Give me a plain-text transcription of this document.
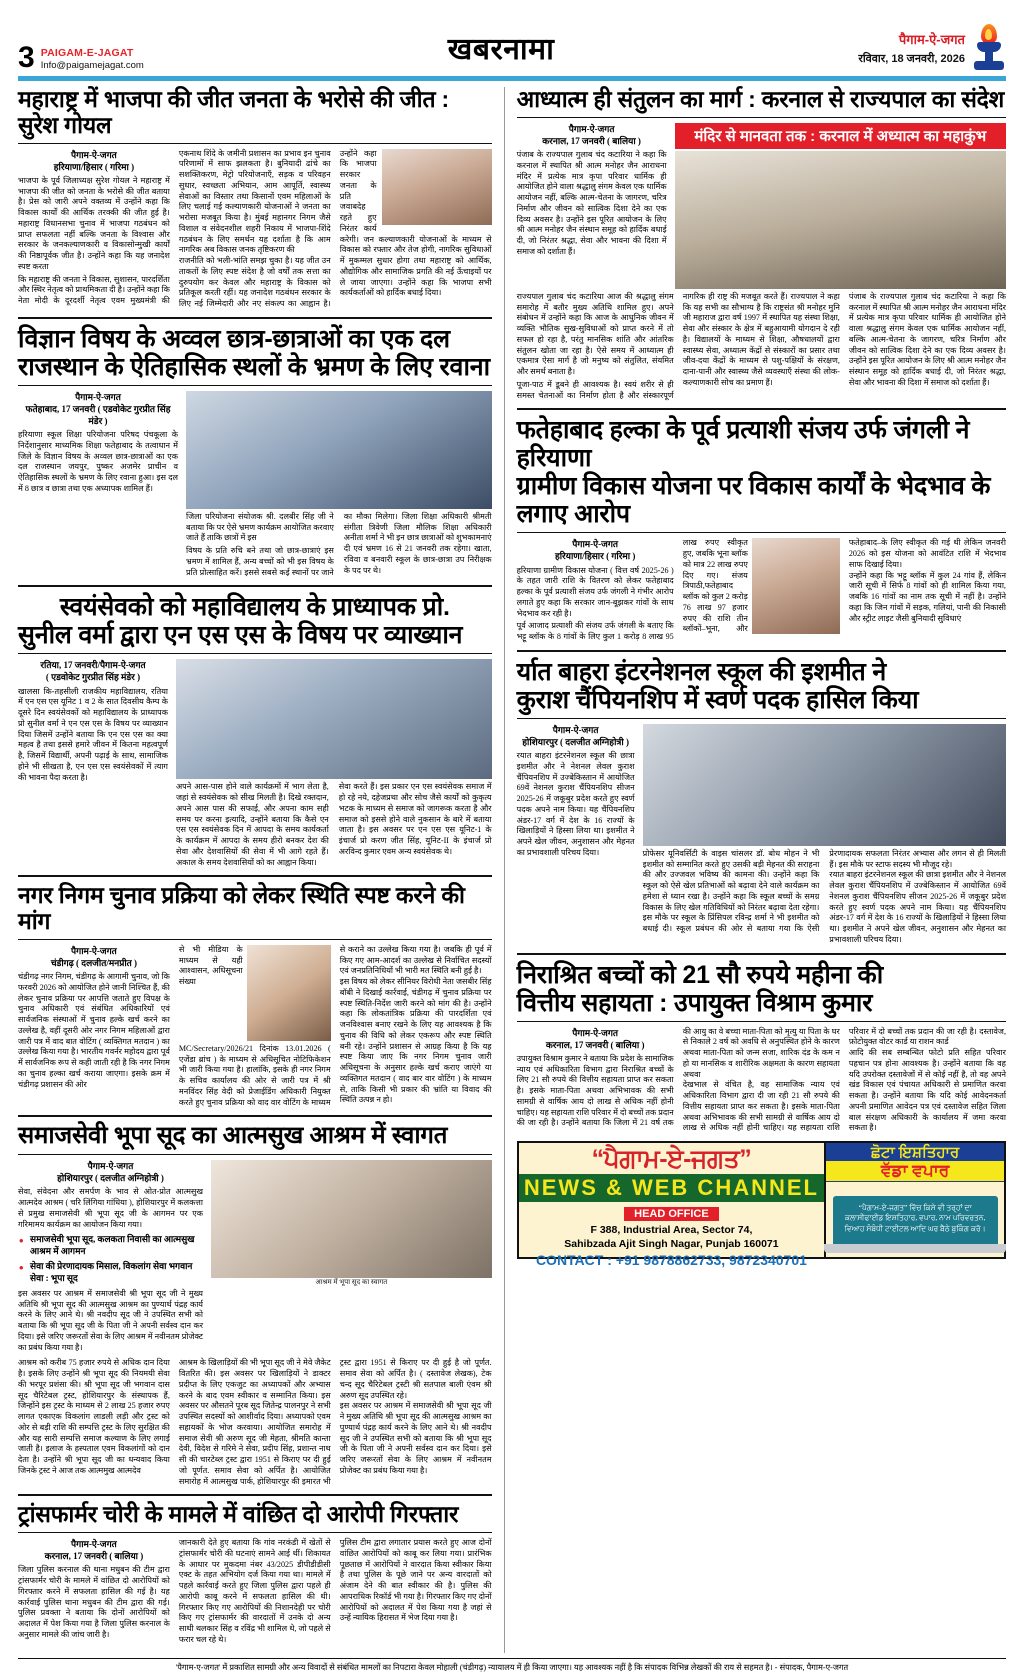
3 PAIGAM-E-JAGAT
Info@paigamejagat.com	खबरनामा	पैगाम-ऐ-जगत
रविवार, 18 जनवरी, 2026
महाराष्ट्र में भाजपा की जीत जनता के भरोसे की जीत : सुरेश गोयल
पैगाम-ऐ-जगत
हरियाणा/हिसार ( गरिमा )

भाजपा के पूर्व जिलाध्यक्ष सुरेश गोयल ने महाराष्ट्र में भाजपा की जीत को जनता के भरोसे की जीत बताया है। प्रेस को जारी अपने वक्तव्य में उन्होंने कहा कि विकास कार्यों की आर्थिक तरक्की की जीत हुई है। महाराष्ट्र विधानसभा चुनाव में भाजपा गठबंधन को प्राप्त सफलता नहीं बल्कि जनता के विश्वास और सरकार के जनकल्याणकारी व विकासोन्मुखी कार्यों की निष्ठापूर्वक जीत है। उन्होंने कहा कि यह जनादेश स्पष्ट करता

कि महाराष्ट्र की जनता ने विकास, सुशासन, पारदर्शिता और स्थिर नेतृत्व को प्राथमिकता दी है। उन्होंने कहा कि नेता मोदी के दूरदर्शी नेतृत्व एवम मुख्यमंत्री की एकनाथ शिंदे के जमीनी प्रशासन का प्रभाव इन चुनाव परिणामों में साफ झलकता है। बुनियादी ढांचे का सशक्तिकरण, मेट्रो परियोजनाएँ, सड़क व परिवहन सुधार, स्वच्छता अभियान, आम आपूर्ति, स्वास्थ्य सेवाओं का विस्तार तथा किसानों एवम महिलाओं के लिए चलाई गई कल्याणकारी योजनाओं ने जनता का भरोसा मजबूत किया है। मुंबई महानगर निगम जैसे विशाल व संवेदनशील शहरी निकाय में भाजपा-शिंदे गठबंधन के लिए समर्थन यह दर्शाता है कि आम नागरिक अब विकास जनक तृष्टिकरण की

राजनीति को भली-भांति समझ चुका है। यह जीत उन ताकतों के लिए स्पष्ट संदेश है जो वर्षों तक सत्ता का दुरुपयोग कर केवल और महाराष्ट्र के विकास को प्रतिकूल करती रहीं। यह जनादेश गठबंधन सरकार के लिए नई जिम्मेदारी और नए संकल्प का आह्वान है। उन्होंने कहा कि भाजपा सरकार जनता के प्रति जवाबदेह रहते हुए निरंतर कार्य करेगी। जन कल्याणकारी योजनाओं के माध्यम से विकास को रफ्तार और तेज होगी, नागरिक सुविधाओं में मुकम्मल सुधार होगा तथा महाराष्ट्र को आर्थिक, औद्योगिक और सामाजिक प्रगति की नई ऊँचाइयों पर ले जाया जाएगा। उन्होंने कहा कि भाजपा सभी कार्यकर्ताओं को हार्दिक बधाई दिया।

विज्ञान विषय के अव्वल छात्र-छात्राओं का एक दल
राजस्थान के ऐतिहासिक स्थलों के भ्रमण के लिए रवाना
पैगाम-ऐ-जगत
फतेहाबाद, 17 जनवरी ( एडवोकेट गुरप्रीत सिंह मंडेर )

हरियाणा स्कूल शिक्षा परियोजना परिषद पंचकूला के निर्देशानुसार माध्यमिक शिक्षा फतेहाबाद के तत्वाधान में जिले के विज्ञान विषय के अव्वल छात्र-छात्राओं का एक दल राजस्थान जयपुर, पुष्कर अजमेर प्राचीन व ऐतिहासिक स्थलों के भ्रमण के लिए रवाना हुआ। इस दल में 8 छात्र व छात्रा तथा एक अध्यापक शामिल हैं।

जिला परियोजना संयोजक श्री. दलबीर सिंह जी ने बताया कि पर ऐसे भ्रमण कार्यक्रम आयोजित करवाए जाते हैं ताकि छात्रों में इस

विषय के प्रति रुचि बने तथा जो छात्र-छात्राएं इस भ्रमण में शामिल हैं, अन्य बच्चों को भी इस विषय के प्रति प्रोत्साहित करें। इससे सबसे कई स्थानों पर जाने का मौका मिलेगा। जिला शिक्षा अधिकारी श्रीमती संगीता त्रिवेणी जिला मौलिक शिक्षा अधिकारी अनीता शर्मा ने भी इन छात्र छात्राओं को शुभकामनाएं दी एवं भ्रमण 16 से 21 जनवरी तक रहेगा। खाता, रविवा व बनवारी स्कूल के छात्र-छात्रा उप निरीक्षक के पद पर थे।

स्वयंसेवको को महाविद्यालय के प्राध्यापक प्रो.
सुनील वर्मा द्वारा एन एस एस के विषय पर व्याख्यान
रतिया, 17 जनवरी/पैगाम-ऐ-जगत
( एडवोकेट गुरप्रीत सिंह मंडेर )

खालसा कि-तहसीली राजकीय महाविद्यालय, रतिया में एन एस एस यूनिट 1 व 2 के सात दिवसीय कैम्प के दूसरे दिन स्वयंसेवकों को महाविद्यालय के प्राध्यापक प्रो सुनील वर्मा ने एन एस एस के विषय पर व्याख्यान दिया जिसमें उन्होंने बताया कि एन एस एस का क्या महत्व है तथा इससे हमारे जीवन में कितना महत्वपूर्ण है, जिसमें विद्यार्थी, अपनी पढ़ाई के साथ, सामाजिक होने भी सीखता है, एन एस एस स्वयंसेवकों में त्याग की भावना पैदा करता है।

अपने आस-पास होने वाले कार्यक्रमों में भाग लेता है, जहां से स्वयंसेवक को सीख मिलती है। दिखे रक्तदान, अपने आस पास की सफाई, और अपना काम सही समय पर करना इत्यादि, उन्होंने बताया कि कैसे एन एस एस स्वयंसेवक दिन में आपदा के समय कार्यकर्ता के कार्यक्रम में आपदा के समय हीरो बनकर देश की सेवा और देशवासियों की सेवा में भी आगे रहते हैं। अकाल के समय देशवासियों को का आह्वान किया।

सेवा करते हैं। इस प्रकार एन एस स्वयंसेवक समाज में हो रहे नये, दहेजप्रथा और सोच जैसे कार्यों को कुकृत्य भटक के माध्यम से समाज को जागरूक करता है और समाज को इससे होने वाले नुकसान के बारे में बताया जाता है। इस अवसर पर एन एस एस यूनिट-1 के इंचार्ज प्रो करण जीत सिंह, यूनिट-II के इंचार्ज प्रो अरविन्द कुमार एवम अन्य स्वयंसेवक थे।

नगर निगम चुनाव प्रक्रिया को लेकर स्थिति स्पष्ट करने की मांग
पैगाम-ऐ-जगत
चंडीगढ़ ( दलजीत/मनप्रीत )

चंडीगढ़ नगर निगम, चंडीगढ़ के आगामी चुनाव, जो कि फरवरी 2026 को आयोजित होने जानी निश्चित हैं, की लेकर चुनाव प्रक्रिया पर आपत्ति जताते हुए विपक्ष के चुनाव अधिकारी एवं संबंधित अधिकारियों एवं सार्वजनिक संस्थाओं में चुनाव हल्के खर्च करने का उल्लेख है, वहीं दूसरी ओर नगर निगम महिलाओं द्वारा जारी पत्र में वाद बात वोटिंग ( व्यक्तिगत मतदान ) का उल्लेख किया गया है। भारतीय गवर्नर महोदय द्वारा पूर्व में सार्वजनिक रूप से कही जाती रही है कि नगर निगम का चुनाव हल्का खर्च कराया जाएगा। इसके क्रम में चंडीगढ़ प्रशासन की ओर

से भी मीडिया के माध्यम से यही आश्वासन, अधिसूचना संख्या MC/Secretary/2026/21 दिनांक 13.01.2026 ( एजेंडा ब्रांच ) के माध्यम से अधिसूचित नोटिफिकेशन भी जारी किया गया है। हालांकि, इसके ही नगर निगम के सचिव कार्यालय की ओर से जारी पत्र में श्री मनविंदर सिंह वेदी को प्रेजाईडिंग अधिकारी नियुक्त करते हुए चुनाव प्रक्रिया को वाद वार वोटिंग के माध्यम से कराने का उल्लेख किया गया है। जबकि ही पूर्व में किए गए आम-आदर्श का उल्लेख से निर्वाचित सदस्यों एवं जनप्रतिनिधियों भी भारी मत स्थिति बनी हुई है।

इस विषय को लेकर सीनियर विरोधी नेता जसबीर सिंह बॉबी ने दिखाई कार्रवाई, चंडीगढ़ में चुनाव प्रक्रिया पर स्पष्ट स्थिति-निर्देश जारी करने को मांग की है। उन्होंने कहा कि लोकतांत्रिक प्रक्रिया की पारदर्शिता एवं जनविश्वास बनाए रखने के लिए यह आवश्यक है कि चुनाव की विधि को लेकर एकरूप और स्पष्ट स्थिति बनी रहे। उन्होंने प्रशासन से आग्रह किया है कि यह स्पष्ट किया जाए कि नगर निगम चुनाव जारी अधिसूचना के अनुसार हल्के खर्च कराए जाएंगे या व्यक्तिगत मतदान ( वाद बार वार वोटिंग ) के माध्यम से, ताकि किसी भी प्रकार की भ्रांति या विवाद की स्थिति उत्पन्न न हो।

समाजसेवी भूपा सूद का आत्मसुख आश्रम में स्वागत
पैगाम-ऐ-जगत
होशियारपुर ( दलजीत अग्निहोत्री )

सेवा, संवेदना और समर्पण के भाव से ओत-प्रोत आत्मसुख आत्मदेव आश्रम ( चरि लिंगिया गांधिया ), होशियारपुर में कलकत्ता से प्रमुख समाजसेवी श्री भूपा सूद जी के आगमन पर एक गरिमामय कार्यक्रम का आयोजन किया गया।

• समाजसेवी भूपा सूद, कलकता निवासी का आत्मसुख आश्रम में आगमन
• सेवा की प्रेरणादायक मिसाल, विकलांग सेवा भगवान सेवा : भूपा सूद

इस अवसर पर आश्रम में समाजसेवी श्री भूपा सूद जी ने मुख्य अतिथि श्री भूपा सूद की आत्मसुख आश्रम का पुण्यार्थ पंद्रह कार्य करने के लिए आने थे। श्री नवदीप सूद जी ने उपस्थित सभी को बताया कि श्री भूपा सूद जी के पिता जी ने अपनी सर्वस्व दान कर दिया। इसे जरिए जरूरतों सेवा के लिए आश्रम में नवीनतम प्रोजेक्ट का प्रबंध किया गया है।

आश्रम में भूपा सूद का स्वागत

आश्रम को करीब 75 हजार रुपये से अधिक दान दिया है। इसके लिए उन्होंने श्री भूपा सूद की नियमयी सेवा की भरपूर प्रशंसा की। श्री भूपा सूद जी भगवान दास सूद चैरिटेबल ट्रस्ट, होशियारपुर के संस्थापक हैं, जिन्होंने इस ट्रस्ट के माध्यम से 2 लाख 25 हजार रुपए लागत एकाएक विकलांग लाडली लड़ी और ट्रस्ट को ओर से बड़ी राशि की सम्पत्ति ट्रस्ट के लिए सुरक्षित की और यह सारी सम्पत्ति समाज कल्याण के लिए लगाई जाती है। इलाज के हस्पताल एवम विकलांगों को दान देता है। उन्होंने श्री भूपा सूद जी का धन्यवाद किया जिनके ट्रस्ट ने आज तक आत्ममुख आत्मदेव

आश्रम के खिलाड़ियों की भी भूपा सूद जी ने मेवे जैकेट वितरित की। इस अवसर पर खिलाड़ियों ने डाक्टर प्रदीप्त के लिए एकजुट का अध्यापकों और अभ्यास करने के बाद एवम स्वीकार व सम्मानित किया। इस अवसर पर औसतने पूरब सूद जितेन्द्र पालनपुर ने सभी उपस्थित सदस्यों को आशीर्वाद दिया। अध्यापको एवम सहायकों के भोज करवाया। आयोजित समारोह में समाज सेवी श्री अरुण सूद जी मेहता, श्रीमति कान्ता देवी, विदेश से गरिमे ने सेवा, प्रदीप सिंह, प्रशान्त नाथ सी की चारटेब्ल ट्रस्ट द्वारा 1951 से किराए पर दी हुई जो पूर्णत. समाव सेवा को अर्पित है। आयोजित समारोह में आत्मसुख पार्क, होशियारपुर की इमारत भी ट्रस्ट द्वारा 1951 से किराए पर दी हुई है जो पूर्णत. समाव सेवा को अर्पित है। ( दस्तावेज लेखक), टेक चन्द सूद चैरिटेबल ट्रस्टी श्री सतपाल बाली एंवम श्री अरुण सूद उपस्थित रहे।

इस अवसर पर आश्रम में समाजसेवी श्री भूपा सूद जी ने मुख्य अतिथि श्री भूपा सूद की आत्मसुख आश्रम का पुण्यार्थ पंद्रह कार्य करने के लिए आने थे। श्री नवदीप सूद जी ने उपस्थित सभी को बताया कि श्री भूपा सूद जी के पिता जी ने अपनी सर्वस्व दान कर दिया। इसे जरिए जरूरतों सेवा के लिए आश्रम में नवीनतम प्रोजेक्ट का प्रबंध किया गया है।

ट्रांसफार्मर चोरी के मामले में वांछित दो आरोपी गिरफ्तार
पैगाम-ऐ-जगत
करनाल, 17 जनवरी ( बालिया )

जिला पुलिस करनाल की थाना मधुबन की टीम द्वारा ट्रांसफार्मर चोरी के मामले में वांछित दो आरोपियों को गिरफ्तार करने में सफलता हासिल की गई है। यह कार्रवाई पुलिस थाना मधुबन की टीम द्वारा की गई। पुलिस प्रवक्ता ने बताया कि दोनों आरोपियों को अदालत में पेश किया गया है जिला पुलिस करनाल के अनुसार मामले की जांच जारी है।

जानकारी देते हुए बताया कि गांव नरकंडी में खेतों से ट्रांसफार्मर चोरी की घटनाएं सामने आई थीं। शिकायत के आधार पर मुकदमा नंबर 43/2025 डीपीडीडीसी एक्ट के तहत अभियोग दर्ज किया गया था। मामले में पहले कार्रवाई करते हुए जिला पुलिस द्वारा पहले ही आरोपी काबू करने में सफलता हासिल की थी। गिरफ्तार किए गए आरोपियों की निशानदेही पर चोरी किए गए ट्रांसफार्मर की वारदातों में उनके दो अन्य साथी थलकार सिंह व रविंद्र भी शामिल थे, जो पहले से फरार चल रहे थे।

पुलिस टीम द्वारा लगातार प्रयास करते हुए आज दोनों वांछित आरोपियों को काबू कर लिया गया। प्रारंभिक पूछताछ में आरोपियों ने वारदात किया स्वीकार किया है तथा पुलिस के पूछे जाने पर अन्य वारदातों को अंजाम देने की बात स्वीकार की है। पुलिस की आपराधिक रिकॉर्ड भी गया है। गिरफ्तार किए गए दोनों आरोपियों को अदालत में पेश किया गया है जहां से उन्हें न्यायिक हिरासत में भेज दिया गया है।

आध्यात्म ही संतुलन का मार्ग : करनाल से राज्यपाल का संदेश
पैगाम-ऐ-जगत
करनाल, 17 जनवरी ( बालिया )

पंजाब के राज्यपाल गुलाब चंद कटारिया ने कहा कि करनाल में स्थापित श्री आत्म मनोहर जैन आराधना मंदिर में प्रत्येक मात्र कृपा परिवार धार्मिक ही आयोजित होने वाला श्रद्धालु संगम केवल एक धार्मिक आयोजन नहीं, बल्कि आत्म-चेतना के जागरण, चरित्र निर्माण और जीवन को सात्विक दिशा देने का एक दिव्य अवसर है। उन्होंने इस पूरित आयोजन के लिए श्री आत्म मनोहर जैन संस्थान समूह को हार्दिक बधाई दी, जो निरंतर श्रद्धा, सेवा और भावना की दिशा में समाज को दर्शाता हैं।

मंदिर से मानवता तक : करनाल में अध्यात्म का महाकुंभ

राज्यपाल गुलाब चंद कटारिया आज की श्रद्धालु संगम समारोह में बतौर मुख्य अतिथि शामिल हुए। अपने संबोधन में उन्होंने कहा कि आज के आधुनिक जीवन में व्यक्ति भौतिक सुख-सुविधाओं को प्राप्त करने में तो सफल हो रहा है, परंतु मानसिक शांति और आंतरिक संतुलन खोता जा रहा है। ऐसे समय में आध्यात्म ही एकमात्र ऐसा मार्ग है जो मनुष्य को संतुलित, संयमित और समर्थ बनाता है।

पूजा-पाठ में डूबने ही आवश्यक है। स्वयं शरीर से ही समस्त चेतनाओं का निर्माण होता है और संस्कारपूर्ण नागरिक ही राष्ट्र की मजबूत करते हैं। राज्यपाल ने कहा कि यह सभी का सौभाग्य है कि राष्ट्रसंत श्री मनोहर मुनि जी महाराज द्वारा वर्ष 1997 में स्थापित यह संस्था शिक्षा, सेवा और संस्कार के क्षेत्र में बहुआयामी योगदान दे रही है। विद्यालयों के माध्यम से शिक्षा, औषधालयों द्वारा स्वास्थ्य सेवा, अध्यात्म केंद्रों से संस्कारों का प्रसार तथा जीव-दया केंद्रों के माध्यम से पशु-पक्षियों के संरक्षण, दाना-पानी और स्वास्थ्य जैसे व्यवस्थाएँ संस्था की लोक-कल्याणकारी सोच का प्रमाण हैं।

पंजाब के राज्यपाल गुलाब चंद कटारिया ने कहा कि करनाल में स्थापित श्री आत्म मनोहर जैन आराधना मंदिर में प्रत्येक मात्र कृपा परिवार धार्मिक ही आयोजित होने वाला श्रद्धालु संगम केवल एक धार्मिक आयोजन नहीं, बल्कि आत्म-चेतना के जागरण, चरित्र निर्माण और जीवन को सात्विक दिशा देने का एक दिव्य अवसर है। उन्होंने इस पूरित आयोजन के लिए श्री आत्म मनोहर जैन संस्थान समूह को हार्दिक बधाई दी, जो निरंतर श्रद्धा, सेवा और भावना की दिशा में समाज को दर्शाता हैं।

फतेहाबाद हल्का के पूर्व प्रत्याशी संजय उर्फ जंगली ने हरियाणा
ग्रामीण विकास योजना पर विकास कार्यों के भेदभाव के लगाए आरोप
पैगाम-ऐ-जगत
हरियाणा/हिसार ( गरिमा )

हरियाणा ग्रामीण विकास योजना ( वित्त वर्ष 2025-26 ) के तहत जारी राशि के वितरण को लेकर फतेहाबाद हल्का के पूर्व प्रत्याशी संजय उर्फ जंगली ने गंभीर आरोप लगाते हुए कहा कि सरकार जान-बूझकर गांवों के साथ भेदभाव कर रही है।

पूर्व आजाद प्रत्याशी की संजय उर्फ जंगली के बताए कि भट्टू ब्लॉक के 8 गांवों के लिए कुल 1 करोड़ 8 लाख 95 लाख रुपए स्वीकृत हुए, जबकि भूना ब्लॉक को मात्र 22 लाख रुपए दिए गए। संजय त्रिपाठी,फतेहाबाद ब्लॉक को कुल 2 करोड़ 76 लाख 97 हजार रुपए की राशि तीन ब्लॉकों–भूना, और फतेहाबाद–के लिए स्वीकृत की गई थी लेकिन जनवरी 2026 को इस योजना को आवंटित राशि में भेदभाव साफ दिखाई दिया।

उन्होंने कहा कि भट्टू ब्लॉक में कुल 24 गांव हैं, लेकिन जारी सूची में सिर्फ 8 गांवों को ही शामिल किया गया, जबकि 16 गांवों का नाम तक सूची में नहीं है। उन्होंने कहा कि जिन गांवों में सड़क, गलियां, पानी की निकासी और स्ट्रीट लाइट जैसी बुनियादी सुविधाएं

र्यात बाहरा इंटरनेशनल स्कूल की इशमीत ने
कुराश चैंपियनशिप में स्वर्ण पदक हासिल किया
पैगाम-ऐ-जगत
होशियारपुर ( दलजीत अग्निहोत्री )

रयात बाहरा इंटरनेशनल स्कूल की छात्रा इशमीत और ने नेशनल लेवल कुराश चैंपियनशिप में उज्बेकिस्तान में आयोजित 69वें नेशनल कुराश चैंपियनशिप सीजन 2025-26 में जकूबुर प्रदेश करते हुए स्वर्ण पदक अपने नाम किया। यह चैंपियनशिप अंडर-17 वर्ग में देश के 16 राज्यों के खिलाड़ियों ने हिस्सा लिया था। इशमीत ने अपने खेल जीवन, अनुशासन और मेहनत का प्रभावशाली परिचय दिया।	प्रोफेसर यूनिवर्सिटी के वाइस चांसलर डॉ. बोध मोहन ने भी इशमीत को सम्मानित करते हुए उसकी बड़ी मेहनत की सराहना की और उज्जवल भविष्य की कामना की। उन्होंने कहा कि स्कूल को ऐसे खेल प्रतिभाओं को बढ़ावा देने वाले कार्यक्रम का हमेशा से ध्यान रखा है। उन्होंने कहा कि स्कूल बच्चों के समग्र विकास के लिए खेल गतिविधियों को निरंतर बढ़ावा देता रहेगा। इस मौके पर स्कूल के प्रिंसिपल रविन्द्र शर्मा ने भी इशमीत को बधाई दी। स्कूल प्रबंधन की ओर से बताया गया कि ऐसी प्रेरणादायक सफलता निरंतर अभ्यास और लगन से ही मिलती हैं। इस मौके पर स्टाफ सदस्य भी मौजूद रहे।

रयात बाहरा इंटरनेशनल स्कूल की छात्रा इशमीत और ने नेशनल लेवल कुराश चैंपियनशिप में उज्बेकिस्तान में आयोजित 69वें नेशनल कुराश चैंपियनशिप सीजन 2025-26 में जकूबुर प्रदेश करते हुए स्वर्ण पदक अपने नाम किया। यह चैंपियनशिप अंडर-17 वर्ग में देश के 16 राज्यों के खिलाड़ियों ने हिस्सा लिया था। इशमीत ने अपने खेल जीवन, अनुशासन और मेहनत का प्रभावशाली परिचय दिया।

निराश्रित बच्चों को 21 सौ रुपये महीना की
वित्तीय सहायता : उपायुक्त विश्राम कुमार
पैगाम-ऐ-जगत
करनाल, 17 जनवरी ( बालिया )

उपायुक्त विश्राम कुमार ने बताया कि प्रदेश के सामाजिक न्याय एवं अधिकारिता विभाग द्वारा निराश्रित बच्चों के लिए 21 सौ रुपये की वित्तीय सहायता प्राप्त कर सकता है। इसके माता-पिता अथवा अभिभावक की सभी सामग्री से वार्षिक आय दो लाख से अधिक नहीं होनी चाहिए। यह सहायता राशि परिवार में दो बच्चों तक प्रदान की जा रही है। उन्होंने बताया कि जिला में 21 वर्ष तक की आयु का वे बच्चा माता-पिता को मृत्यु या पिता के घर से निकाले 2 वर्ष को अवधि से अनुपस्थित होने के कारण अथवा माता-पिता को जन्म सजा, शारिक दंड के कम न हो या मानसिक व शारीरिक अक्षमता के कारण सहायता अथवा

देखभाल से वंचित है, वह सामाजिक न्याय एवं अधिकारिता विभाग द्वारा दी जा रही 21 सौ रुपये की वित्तीय सहायता प्राप्त कर सकता है। इसके माता-पिता अथवा अभिभावक की सभी सामग्री से वार्षिक आय दो लाख से अधिक नहीं होनी चाहिए। यह सहायता राशि परिवार में दो बच्चों तक प्रदान की जा रही है। दस्तावेज, फ़ोटोयुक्त वोटर कार्ड या राशन कार्ड

आदि की सब सम्बन्धित फोटो प्रति सहित परिवार पहचान पत्र होना आवश्यक है। उन्होंने बताया कि वह यदि उपरोक्त दस्तावेजों में से कोई नहीं है, तो वह अपने खंड विकास एवं पंचायत अधिकारी से प्रमाणित करवा सकता है। उन्होंने बताया कि यदि कोई आवेदनकर्ता अपनी प्रमाणित आवेदन पत्र एवं दस्तावेज सहित जिला बाल संरक्षण अधिकारी के कार्यालय में जमा करवा सकता है।

“ਪੈਗਾਮ-ਏ-ਜਗਤ”
NEWS & WEB CHANNEL
HEAD OFFICE
F 388, Industrial Area, Sector 74,
Sahibzada Ajit Singh Nagar, Punjab 160071
CONTACT : +91 9878862733, 9872340701
ਛੋਟਾ ਇਸ਼ਤਿਹਾਰ
ਵੱਡਾ ਵਪਾਰ
“ਪੈਗਾਮ-ਏ-ਜਗਤ” ਵਿੱਚ ਕਿਸੇ ਵੀ ਤਰ੍ਹਾਂ ਦਾ ਕਲਾਸੀਫਾਈਡ ਇਸ਼ਤਿਹਾਰ, ਵਪਾਰ, ਨਾਮ ਪਰਿਵਰਤਨ, ਵਿਆਹ ਸੰਬੰਧੀ ਟਾਈਟਲ ਆਦਿ ਘਰ ਬੈਠੇ ਬੁਕਿੰਗ ਕਰੋ।
'पैगाम-ए-जगत' में प्रकाशित सामग्री और अन्य विवादों से संबंधित मामलों का निपटारा केवल मोहाली (चंडीगढ़) न्यायालय में ही किया जाएगा। यह आवश्यक नहीं है कि संपादक विभिन्न लेखकों की राय से सहमत है। - संपादक, पैगाम-ए-जगत
